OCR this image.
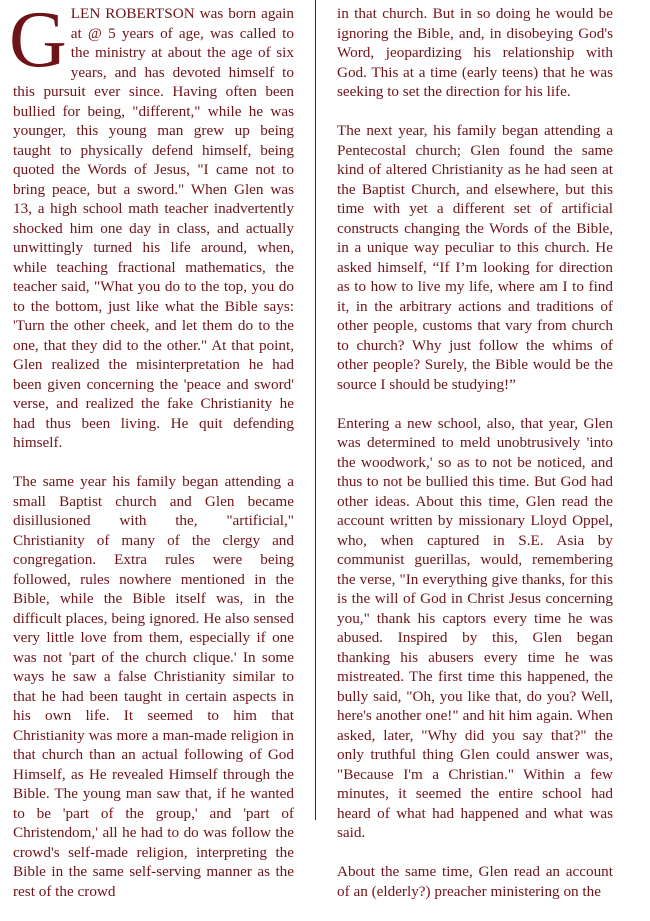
GLEN ROBERTSON was born again at @ 5 years of age, was called to the ministry at about the age of six years, and has devoted himself to this pursuit ever since. Having often been bullied for being, "different," while he was younger, this young man grew up being taught to physically defend himself, being quoted the Words of Jesus, "I came not to bring peace, but a sword." When Glen was 13, a high school math teacher inadvertently shocked him one day in class, and actually unwittingly turned his life around, when, while teaching fractional mathematics, the teacher said, "What you do to the top, you do to the bottom, just like what the Bible says: 'Turn the other cheek, and let them do to the one, that they did to the other." At that point, Glen realized the misinterpretation he had been given concerning the 'peace and sword' verse, and realized the fake Christianity he had thus been living. He quit defending himself.

The same year his family began attending a small Baptist church and Glen became disillusioned with the, "artificial," Christianity of many of the clergy and congregation. Extra rules were being followed, rules nowhere mentioned in the Bible, while the Bible itself was, in the difficult places, being ignored. He also sensed very little love from them, especially if one was not 'part of the church clique.' In some ways he saw a false Christianity similar to that he had been taught in certain aspects in his own life. It seemed to him that Christianity was more a man-made religion in that church than an actual following of God Himself, as He revealed Himself through the Bible. The young man saw that, if he wanted to be 'part of the group,' and 'part of Christendom,' all he had to do was follow the crowd's self-made religion, interpreting the Bible in the same self-serving manner as the rest of the crowd

in that church. But in so doing he would be ignoring the Bible, and, in disobeying God's Word, jeopardizing his relationship with God. This at a time (early teens) that he was seeking to set the direction for his life.

The next year, his family began attending a Pentecostal church; Glen found the same kind of altered Christianity as he had seen at the Baptist Church, and elsewhere, but this time with yet a different set of artificial constructs changing the Words of the Bible, in a unique way peculiar to this church. He asked himself, “If I’m looking for direction as to how to live my life, where am I to find it, in the arbitrary actions and traditions of other people, customs that vary from church to church? Why just follow the whims of other people? Surely, the Bible would be the source I should be studying!”

Entering a new school, also, that year, Glen was determined to meld unobtrusively 'into the woodwork,' so as to not be noticed, and thus to not be bullied this time. But God had other ideas. About this time, Glen read the account written by missionary Lloyd Oppel, who, when captured in S.E. Asia by communist guerillas, would, remembering the verse, "In everything give thanks, for this is the will of God in Christ Jesus concerning you," thank his captors every time he was abused. Inspired by this, Glen began thanking his abusers every time he was mistreated. The first time this happened, the bully said, "Oh, you like that, do you? Well, here's another one!" and hit him again. When asked, later, "Why did you say that?" the only truthful thing Glen could answer was, "Because I'm a Christian." Within a few minutes, it seemed the entire school had heard of what had happened and what was said.

About the same time, Glen read an account of an (elderly?) preacher ministering on the
